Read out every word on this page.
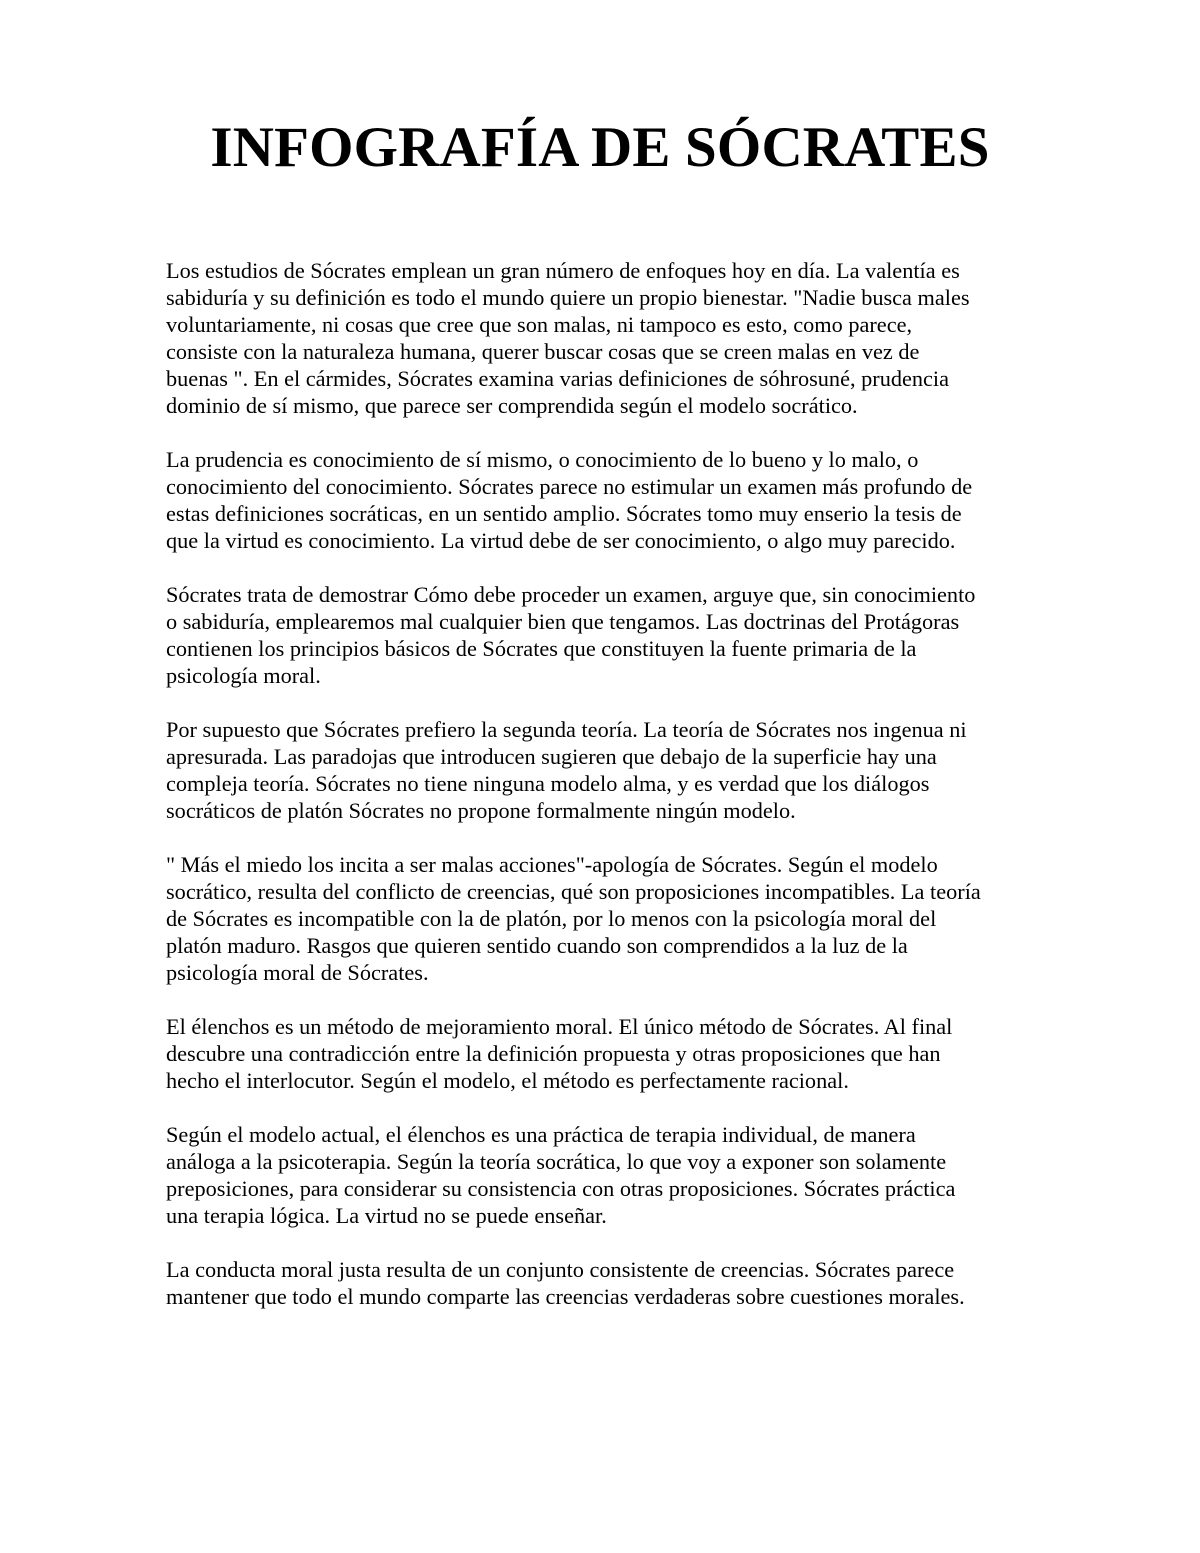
INFOGRAFÍA DE SÓCRATES

Los estudios de Sócrates emplean un gran número de enfoques hoy en día. La valentía es
sabiduría y su definición es todo el mundo quiere un propio bienestar. "Nadie busca males
voluntariamente, ni cosas que cree que son malas, ni tampoco es esto, como parece,
consiste con la naturaleza humana, querer buscar cosas que se creen malas en vez de
buenas ". En el cármides, Sócrates examina varias definiciones de sóhrosuné, prudencia
dominio de sí mismo, que parece ser comprendida según el modelo socrático.

La prudencia es conocimiento de sí mismo, o conocimiento de lo bueno y lo malo, o
conocimiento del conocimiento. Sócrates parece no estimular un examen más profundo de
estas definiciones socráticas, en un sentido amplio. Sócrates tomo muy enserio la tesis de
que la virtud es conocimiento. La virtud debe de ser conocimiento, o algo muy parecido.

Sócrates trata de demostrar Cómo debe proceder un examen, arguye que, sin conocimiento
o sabiduría, emplearemos mal cualquier bien que tengamos. Las doctrinas del Protágoras
contienen los principios básicos de Sócrates que constituyen la fuente primaria de la
psicología moral.

Por supuesto que Sócrates prefiero la segunda teoría. La teoría de Sócrates nos ingenua ni
apresurada. Las paradojas que introducen sugieren que debajo de la superficie hay una
compleja teoría. Sócrates no tiene ninguna modelo alma, y es verdad que los diálogos
socráticos de platón Sócrates no propone formalmente ningún modelo.

" Más el miedo los incita a ser malas acciones"-apología de Sócrates. Según el modelo
socrático, resulta del conflicto de creencias, qué son proposiciones incompatibles. La teoría
de Sócrates es incompatible con la de platón, por lo menos con la psicología moral del
platón maduro. Rasgos que quieren sentido cuando son comprendidos a la luz de la
psicología moral de Sócrates.

El élenchos es un método de mejoramiento moral. El único método de Sócrates. Al final
descubre una contradicción entre la definición propuesta y otras proposiciones que han
hecho el interlocutor. Según el modelo, el método es perfectamente racional.

Según el modelo actual, el élenchos es una práctica de terapia individual, de manera
análoga a la psicoterapia. Según la teoría socrática, lo que voy a exponer son solamente
preposiciones, para considerar su consistencia con otras proposiciones. Sócrates práctica
una terapia lógica. La virtud no se puede enseñar.

La conducta moral justa resulta de un conjunto consistente de creencias. Sócrates parece
mantener que todo el mundo comparte las creencias verdaderas sobre cuestiones morales.
